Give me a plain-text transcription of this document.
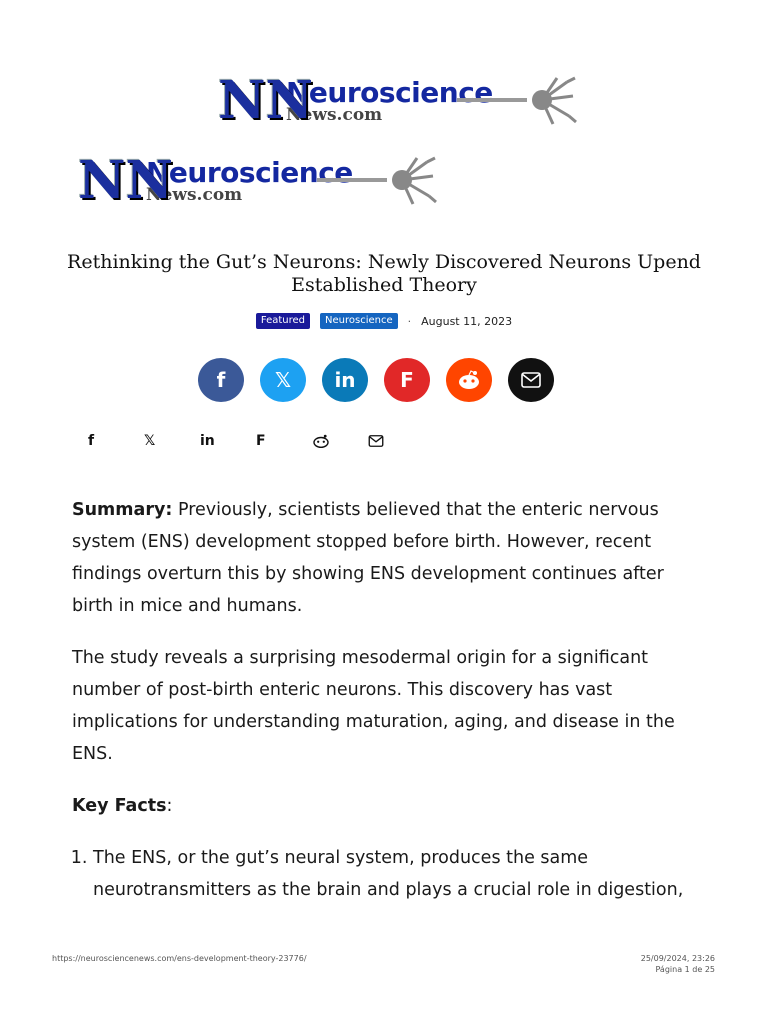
NN
Neuroscience
News.com
NN
Neuroscience
News.com
Rethinking the Gut’s Neurons: Newly Discovered Neurons Upend Established Theory
Featured	Neuroscience	· August 11, 2023
f 𝕏 in F
f	𝕏	in	F

Summary: Previously, scientists believed that the enteric nervous system (ENS) development stopped before birth. However, recent findings overturn this by showing ENS development continues after birth in mice and humans.

The study reveals a surprising mesodermal origin for a significant number of post-birth enteric neurons. This discovery has vast implications for understanding maturation, aging, and disease in the ENS.

Key Facts:

1. The ENS, or the gut’s neural system, produces the same neurotransmitters as the brain and plays a crucial role in digestion,
https://neurosciencenews.com/ens-development-theory-23776/	25/09/2024, 23:26
Página 1 de 25
